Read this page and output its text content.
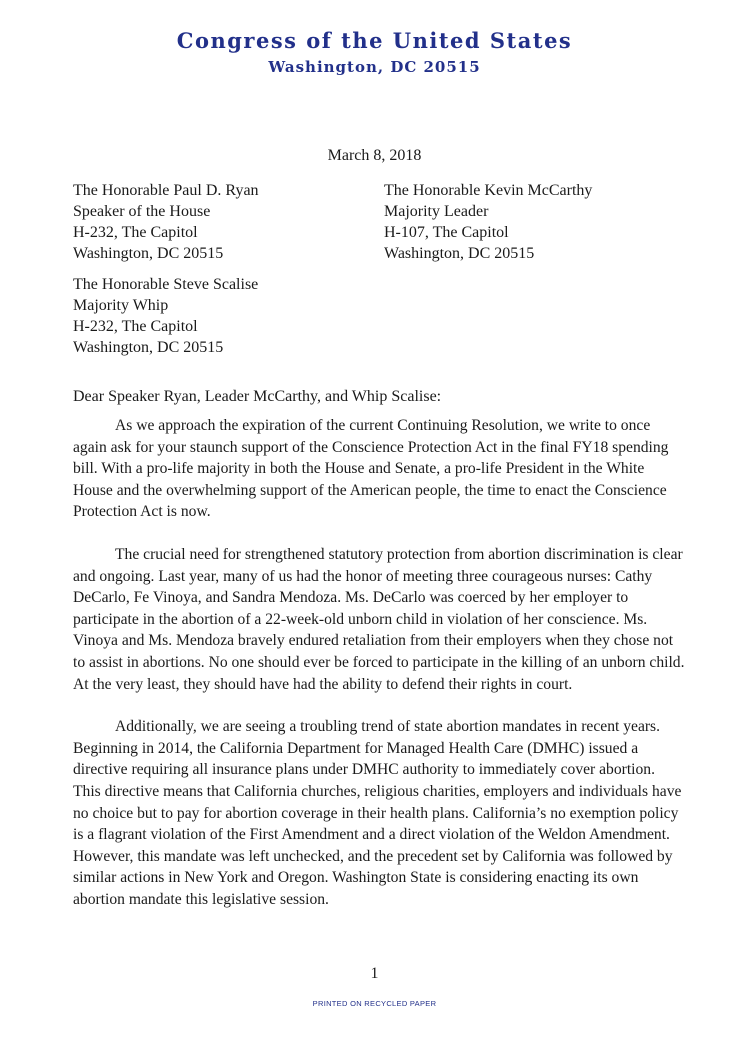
Congress of the United States
Washington, DC 20515
March 8, 2018
The Honorable Paul D. Ryan
Speaker of the House
H-232, The Capitol
Washington, DC 20515
The Honorable Kevin McCarthy
Majority Leader
H-107, The Capitol
Washington, DC 20515
The Honorable Steve Scalise
Majority Whip
H-232, The Capitol
Washington, DC 20515
Dear Speaker Ryan, Leader McCarthy, and Whip Scalise:

As we approach the expiration of the current Continuing Resolution, we write to once again ask for your staunch support of the Conscience Protection Act in the final FY18 spending bill. With a pro-life majority in both the House and Senate, a pro-life President in the White House and the overwhelming support of the American people, the time to enact the Conscience Protection Act is now.

The crucial need for strengthened statutory protection from abortion discrimination is clear and ongoing. Last year, many of us had the honor of meeting three courageous nurses: Cathy DeCarlo, Fe Vinoya, and Sandra Mendoza. Ms. DeCarlo was coerced by her employer to participate in the abortion of a 22-week-old unborn child in violation of her conscience. Ms. Vinoya and Ms. Mendoza bravely endured retaliation from their employers when they chose not to assist in abortions. No one should ever be forced to participate in the killing of an unborn child. At the very least, they should have had the ability to defend their rights in court.

Additionally, we are seeing a troubling trend of state abortion mandates in recent years. Beginning in 2014, the California Department for Managed Health Care (DMHC) issued a directive requiring all insurance plans under DMHC authority to immediately cover abortion. This directive means that California churches, religious charities, employers and individuals have no choice but to pay for abortion coverage in their health plans. California’s no exemption policy is a flagrant violation of the First Amendment and a direct violation of the Weldon Amendment. However, this mandate was left unchecked, and the precedent set by California was followed by similar actions in New York and Oregon. Washington State is considering enacting its own abortion mandate this legislative session.

1
PRINTED ON RECYCLED PAPER
